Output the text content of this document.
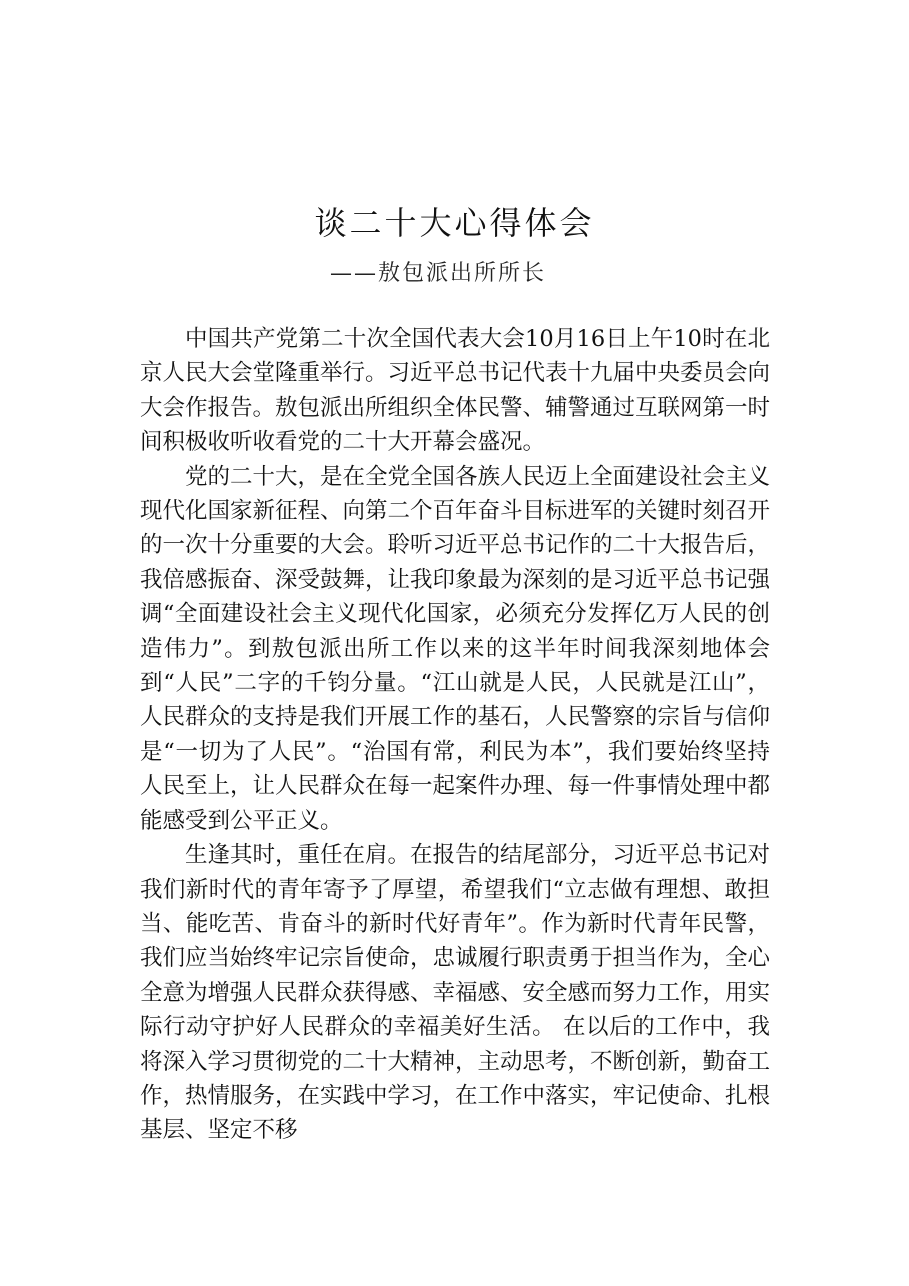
谈二十大心得体会
——敖包派出所所长

中国共产党第二十次全国代表大会10月16日上午10时在北京人民大会堂隆重举行。习近平总书记代表十九届中央委员会向大会作报告。敖包派出所组织全体民警、辅警通过互联网第一时间积极收听收看党的二十大开幕会盛况。

党的二十大，是在全党全国各族人民迈上全面建设社会主义现代化国家新征程、向第二个百年奋斗目标进军的关键时刻召开的一次十分重要的大会。聆听习近平总书记作的二十大报告后，我倍感振奋、深受鼓舞，让我印象最为深刻的是习近平总书记强调“全面建设社会主义现代化国家，必须充分发挥亿万人民的创造伟力”。到敖包派出所工作以来的这半年时间我深刻地体会到“人民”二字的千钧分量。“江山就是人民，人民就是江山”，人民群众的支持是我们开展工作的基石，人民警察的宗旨与信仰是“一切为了人民”。“治国有常，利民为本”，我们要始终坚持人民至上，让人民群众在每一起案件办理、每一件事情处理中都能感受到公平正义。

生逢其时，重任在肩。在报告的结尾部分，习近平总书记对我们新时代的青年寄予了厚望，希望我们“立志做有理想、敢担当、能吃苦、肯奋斗的新时代好青年”。作为新时代青年民警，我们应当始终牢记宗旨使命，忠诚履行职责勇于担当作为，全心全意为增强人民群众获得感、幸福感、安全感而努力工作，用实际行动守护好人民群众的幸福美好生活。 在以后的工作中，我将深入学习贯彻党的二十大精神，主动思考，不断创新，勤奋工作，热情服务，在实践中学习，在工作中落实，牢记使命、扎根基层、坚定不移
